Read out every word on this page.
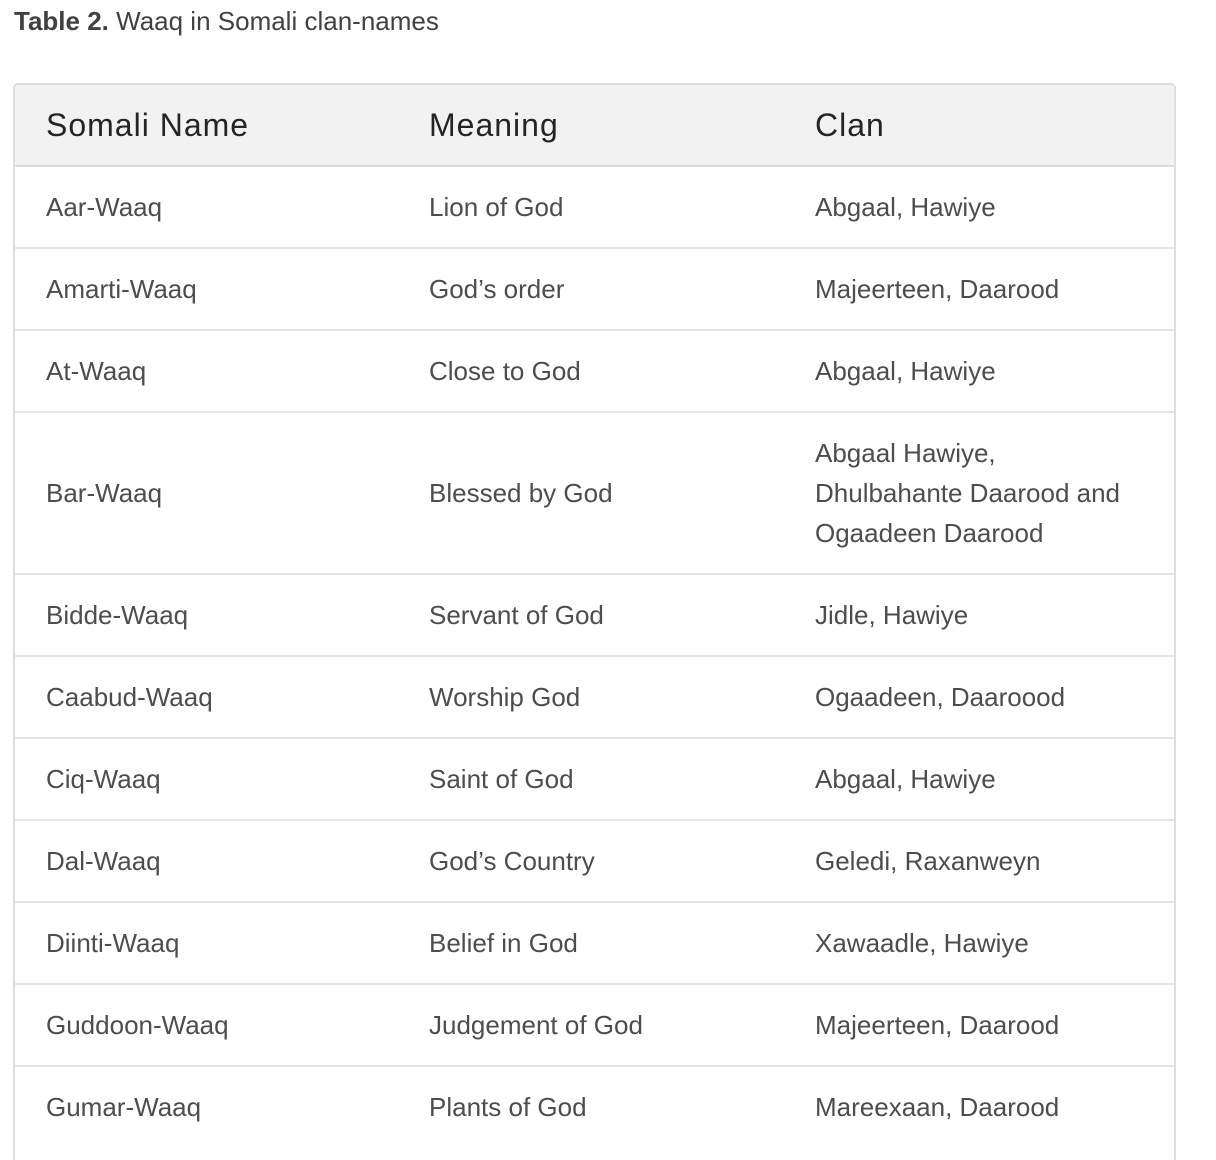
Table 2. Waaq in Somali clan-names
Somali Name	Meaning	Clan
Aar-Waaq	Lion of God	Abgaal, Hawiye
Amarti-Waaq	God’s order	Majeerteen, Daarood
At-Waaq	Close to God	Abgaal, Hawiye
Bar-Waaq	Blessed by God	Abgaal Hawiye, Dhulbahante Daarood and Ogaadeen Daarood
Bidde-Waaq	Servant of God	Jidle, Hawiye
Caabud-Waaq	Worship God	Ogaadeen, Daaroood
Ciq-Waaq	Saint of God	Abgaal, Hawiye
Dal-Waaq	God’s Country	Geledi, Raxanweyn
Diinti-Waaq	Belief in God	Xawaadle, Hawiye
Guddoon-Waaq	Judgement of God	Majeerteen, Daarood
Gumar-Waaq	Plants of God	Mareexaan, Daarood
